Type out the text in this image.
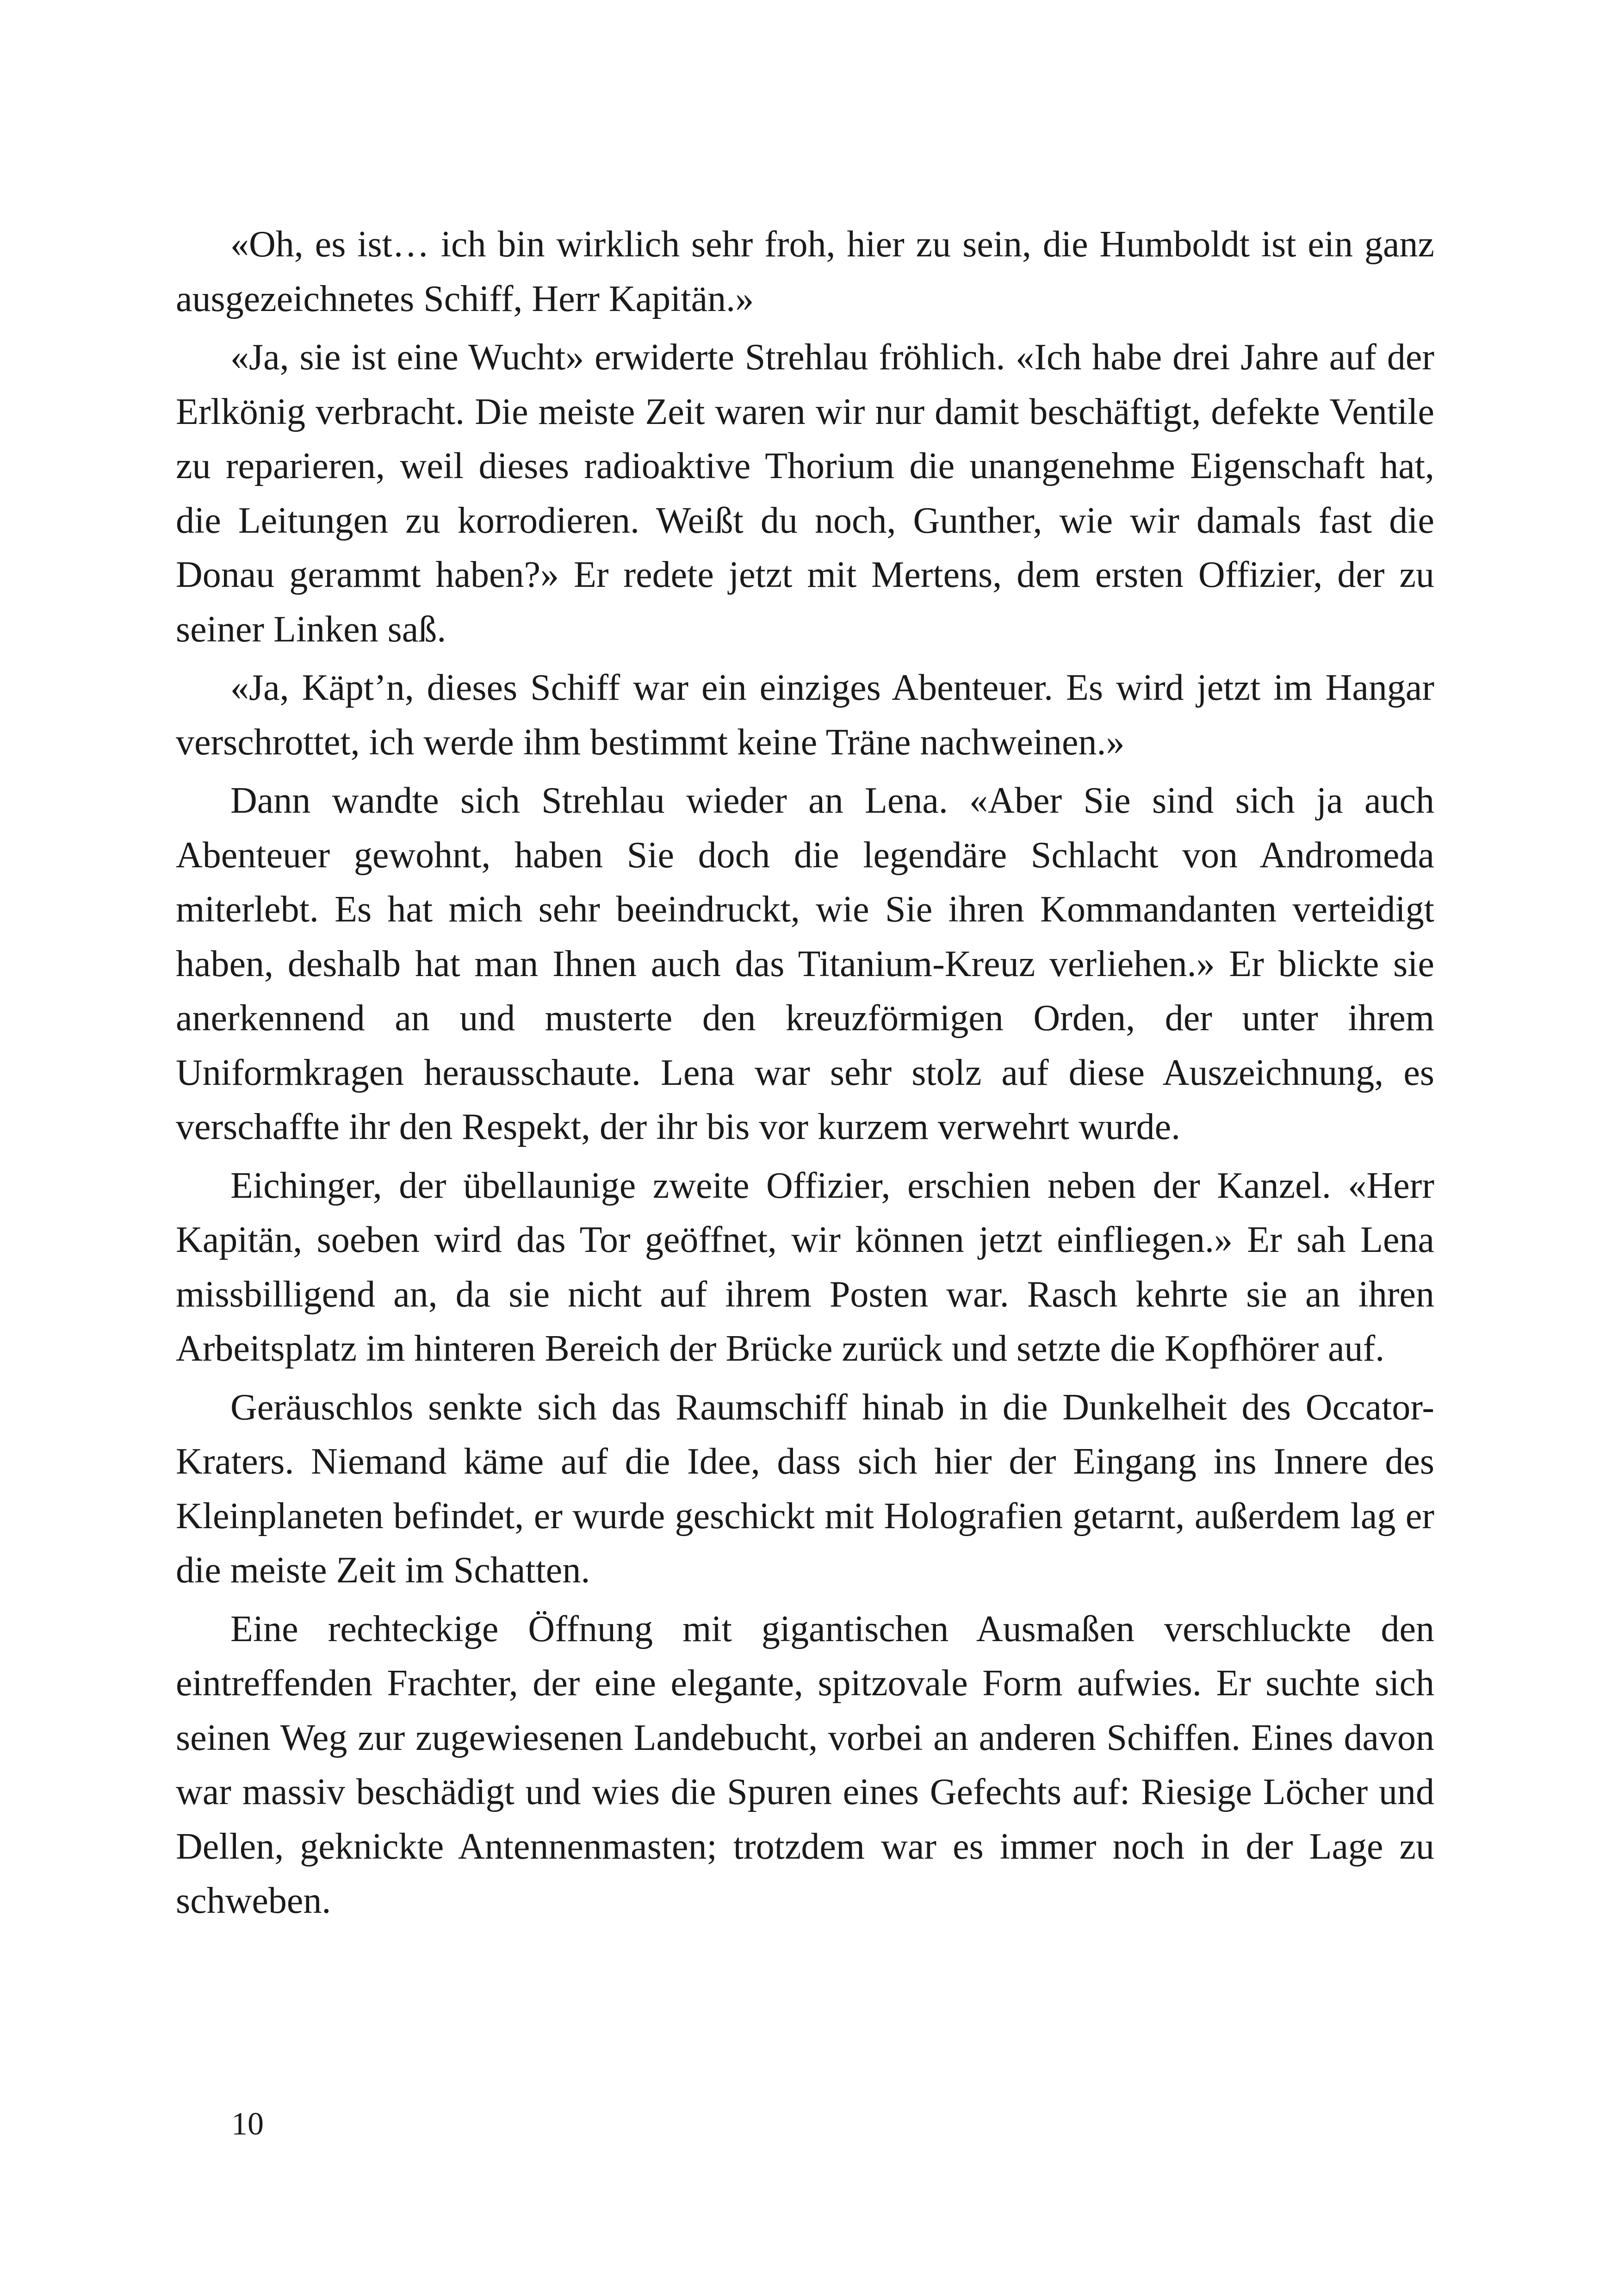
«Oh, es ist… ich bin wirklich sehr froh, hier zu sein, die Humboldt ist ein ganz ausgezeichnetes Schiff, Herr Kapitän.»

«Ja, sie ist eine Wucht» erwiderte Strehlau fröhlich. «Ich habe drei Jahre auf der Erlkönig verbracht. Die meiste Zeit waren wir nur damit beschäftigt, defekte Ventile zu reparieren, weil dieses radioaktive Thorium die unangenehme Eigenschaft hat, die Leitungen zu korrodieren. Weißt du noch, Gunther, wie wir damals fast die Donau gerammt haben?» Er redete jetzt mit Mertens, dem ersten Offizier, der zu seiner Linken saß.

«Ja, Käpt’n, dieses Schiff war ein einziges Abenteuer. Es wird jetzt im Hangar verschrottet, ich werde ihm bestimmt keine Träne nachweinen.»

Dann wandte sich Strehlau wieder an Lena. «Aber Sie sind sich ja auch Abenteuer gewohnt, haben Sie doch die legendäre Schlacht von Andromeda miterlebt. Es hat mich sehr beeindruckt, wie Sie ihren Kommandanten verteidigt haben, deshalb hat man Ihnen auch das Titanium-Kreuz verliehen.» Er blickte sie anerkennend an und musterte den kreuzförmigen Orden, der unter ihrem Uniformkragen herausschaute. Lena war sehr stolz auf diese Auszeichnung, es verschaffte ihr den Respekt, der ihr bis vor kurzem verwehrt wurde.

Eichinger, der übellaunige zweite Offizier, erschien neben der Kanzel. «Herr Kapitän, soeben wird das Tor geöffnet, wir können jetzt einfliegen.» Er sah Lena missbilligend an, da sie nicht auf ihrem Posten war. Rasch kehrte sie an ihren Arbeitsplatz im hinteren Bereich der Brücke zurück und setzte die Kopfhörer auf.

Geräuschlos senkte sich das Raumschiff hinab in die Dunkelheit des Occator-Kraters. Niemand käme auf die Idee, dass sich hier der Eingang ins Innere des Kleinplaneten befindet, er wurde geschickt mit Holografien getarnt, außerdem lag er die meiste Zeit im Schatten.

Eine rechteckige Öffnung mit gigantischen Ausmaßen verschluckte den eintreffenden Frachter, der eine elegante, spitzovale Form aufwies. Er suchte sich seinen Weg zur zugewiesenen Landebucht, vorbei an anderen Schiffen. Eines davon war massiv beschädigt und wies die Spuren eines Gefechts auf: Riesige Löcher und Dellen, geknickte Antennenmasten; trotzdem war es immer noch in der Lage zu schweben.

10
